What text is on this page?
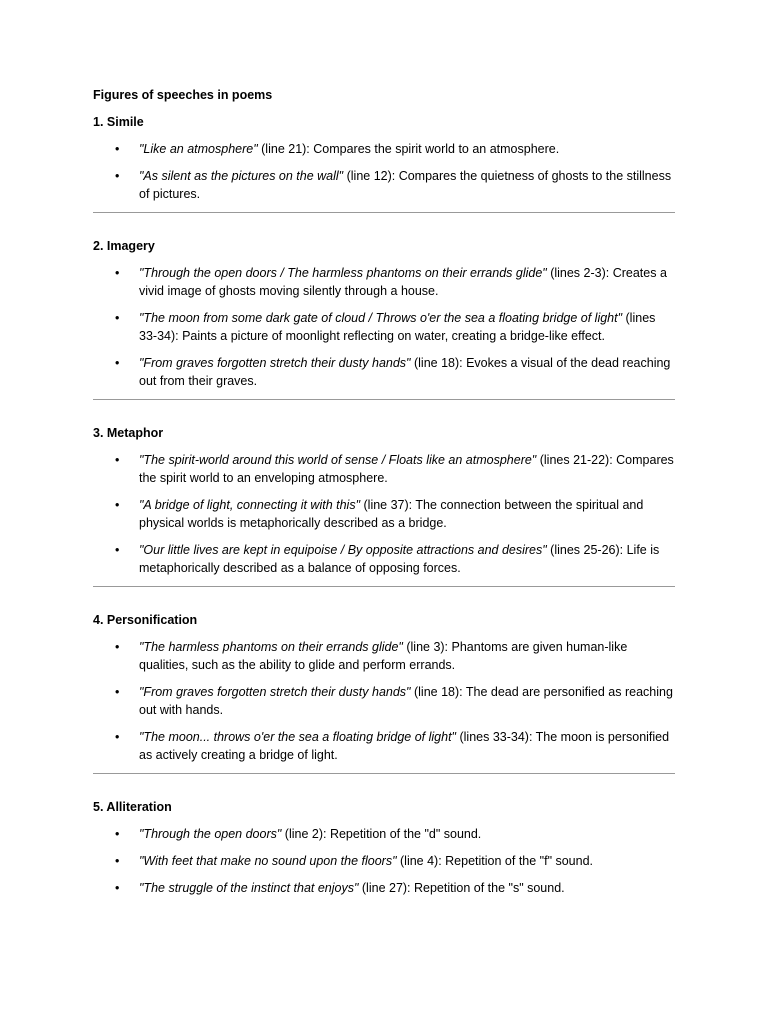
Figures of speeches in poems

1. Simile

• "Like an atmosphere" (line 21): Compares the spirit world to an atmosphere.
• "As silent as the pictures on the wall" (line 12): Compares the quietness of ghosts to the stillness of pictures.

2. Imagery

• "Through the open doors / The harmless phantoms on their errands glide" (lines 2-3): Creates a vivid image of ghosts moving silently through a house.
• "The moon from some dark gate of cloud / Throws o'er the sea a floating bridge of light" (lines 33-34): Paints a picture of moonlight reflecting on water, creating a bridge-like effect.
• "From graves forgotten stretch their dusty hands" (line 18): Evokes a visual of the dead reaching out from their graves.

3. Metaphor

• "The spirit-world around this world of sense / Floats like an atmosphere" (lines 21-22): Compares the spirit world to an enveloping atmosphere.
• "A bridge of light, connecting it with this" (line 37): The connection between the spiritual and physical worlds is metaphorically described as a bridge.
• "Our little lives are kept in equipoise / By opposite attractions and desires" (lines 25-26): Life is metaphorically described as a balance of opposing forces.

4. Personification

• "The harmless phantoms on their errands glide" (line 3): Phantoms are given human-like qualities, such as the ability to glide and perform errands.
• "From graves forgotten stretch their dusty hands" (line 18): The dead are personified as reaching out with hands.
• "The moon... throws o'er the sea a floating bridge of light" (lines 33-34): The moon is personified as actively creating a bridge of light.

5. Alliteration

• "Through the open doors" (line 2): Repetition of the "d" sound.
• "With feet that make no sound upon the floors" (line 4): Repetition of the "f" sound.
• "The struggle of the instinct that enjoys" (line 27): Repetition of the "s" sound.
